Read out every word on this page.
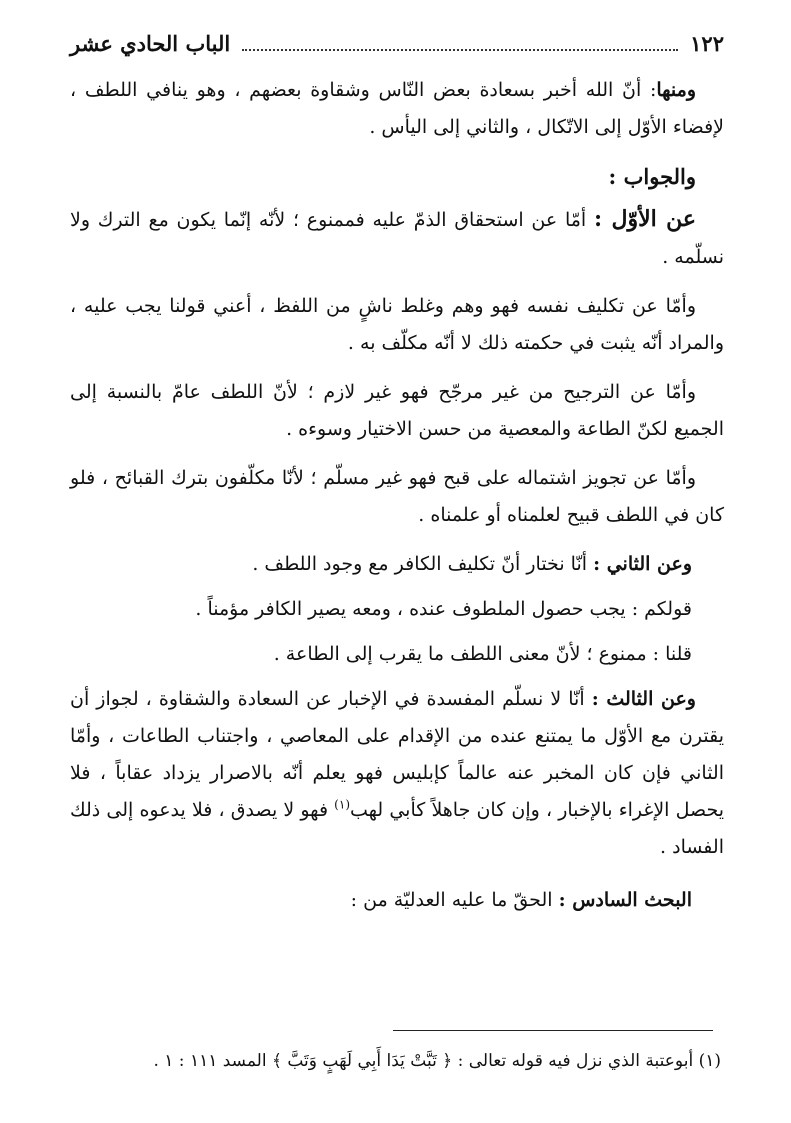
١٢٢
الباب الحادي عشر

ومنها: أنّ الله أخبر بسعادة بعض النّاس وشقاوة بعضهم ، وهو ينافي اللطف ، لإفضاء الأوّل إلى الاتّكال ، والثاني إلى اليأس .

والجواب :

عن الأوّل : أمّا عن استحقاق الذمّ عليه فممنوع ؛ لأنّه إنّما يكون مع الترك ولا نسلّمه .

وأمّا عن تكليف نفسه فهو وهم وغلط ناشٍ من اللفظ ، أعني قولنا يجب عليه ، والمراد أنّه يثبت في حكمته ذلك لا أنّه مكلّف به .

وأمّا عن الترجيح من غير مرجّح فهو غير لازم ؛ لأنّ اللطف عامّ بالنسبة إلى الجميع لكنّ الطاعة والمعصية من حسن الاختيار وسوءه .

وأمّا عن تجويز اشتماله على قبح فهو غير مسلّم ؛ لأنّا مكلّفون بترك القبائح ، فلو كان في اللطف قبيح لعلمناه أو علمناه .

وعن الثاني : أنّا نختار أنّ تكليف الكافر مع وجود اللطف .

قولكم : يجب حصول الملطوف عنده ، ومعه يصير الكافر مؤمناً .

قلنا : ممنوع ؛ لأنّ معنى اللطف ما يقرب إلى الطاعة .

وعن الثالث : أنّا لا نسلّم المفسدة في الإخبار عن السعادة والشقاوة ، لجواز أن يقترن مع الأوّل ما يمتنع عنده من الإقدام على المعاصي ، واجتناب الطاعات ، وأمّا الثاني فإن كان المخبر عنه عالماً كإبليس فهو يعلم أنّه بالاصرار يزداد عقاباً ، فلا يحصل الإغراء بالإخبار ، وإن كان جاهلاً كأبي لهب$^{(١)}$ فهو لا يصدق ، فلا يدعوه إلى ذلك الفساد .

البحث السادس : الحقّ ما عليه العدليّة من :

(١) أبوعتبة الذي نزل فيه قوله تعالى : ﴿ تَبَّتْ يَدَا أَبِي لَهَبٍ وَتَبَّ ﴾ المسد ١١١ : ١ .
